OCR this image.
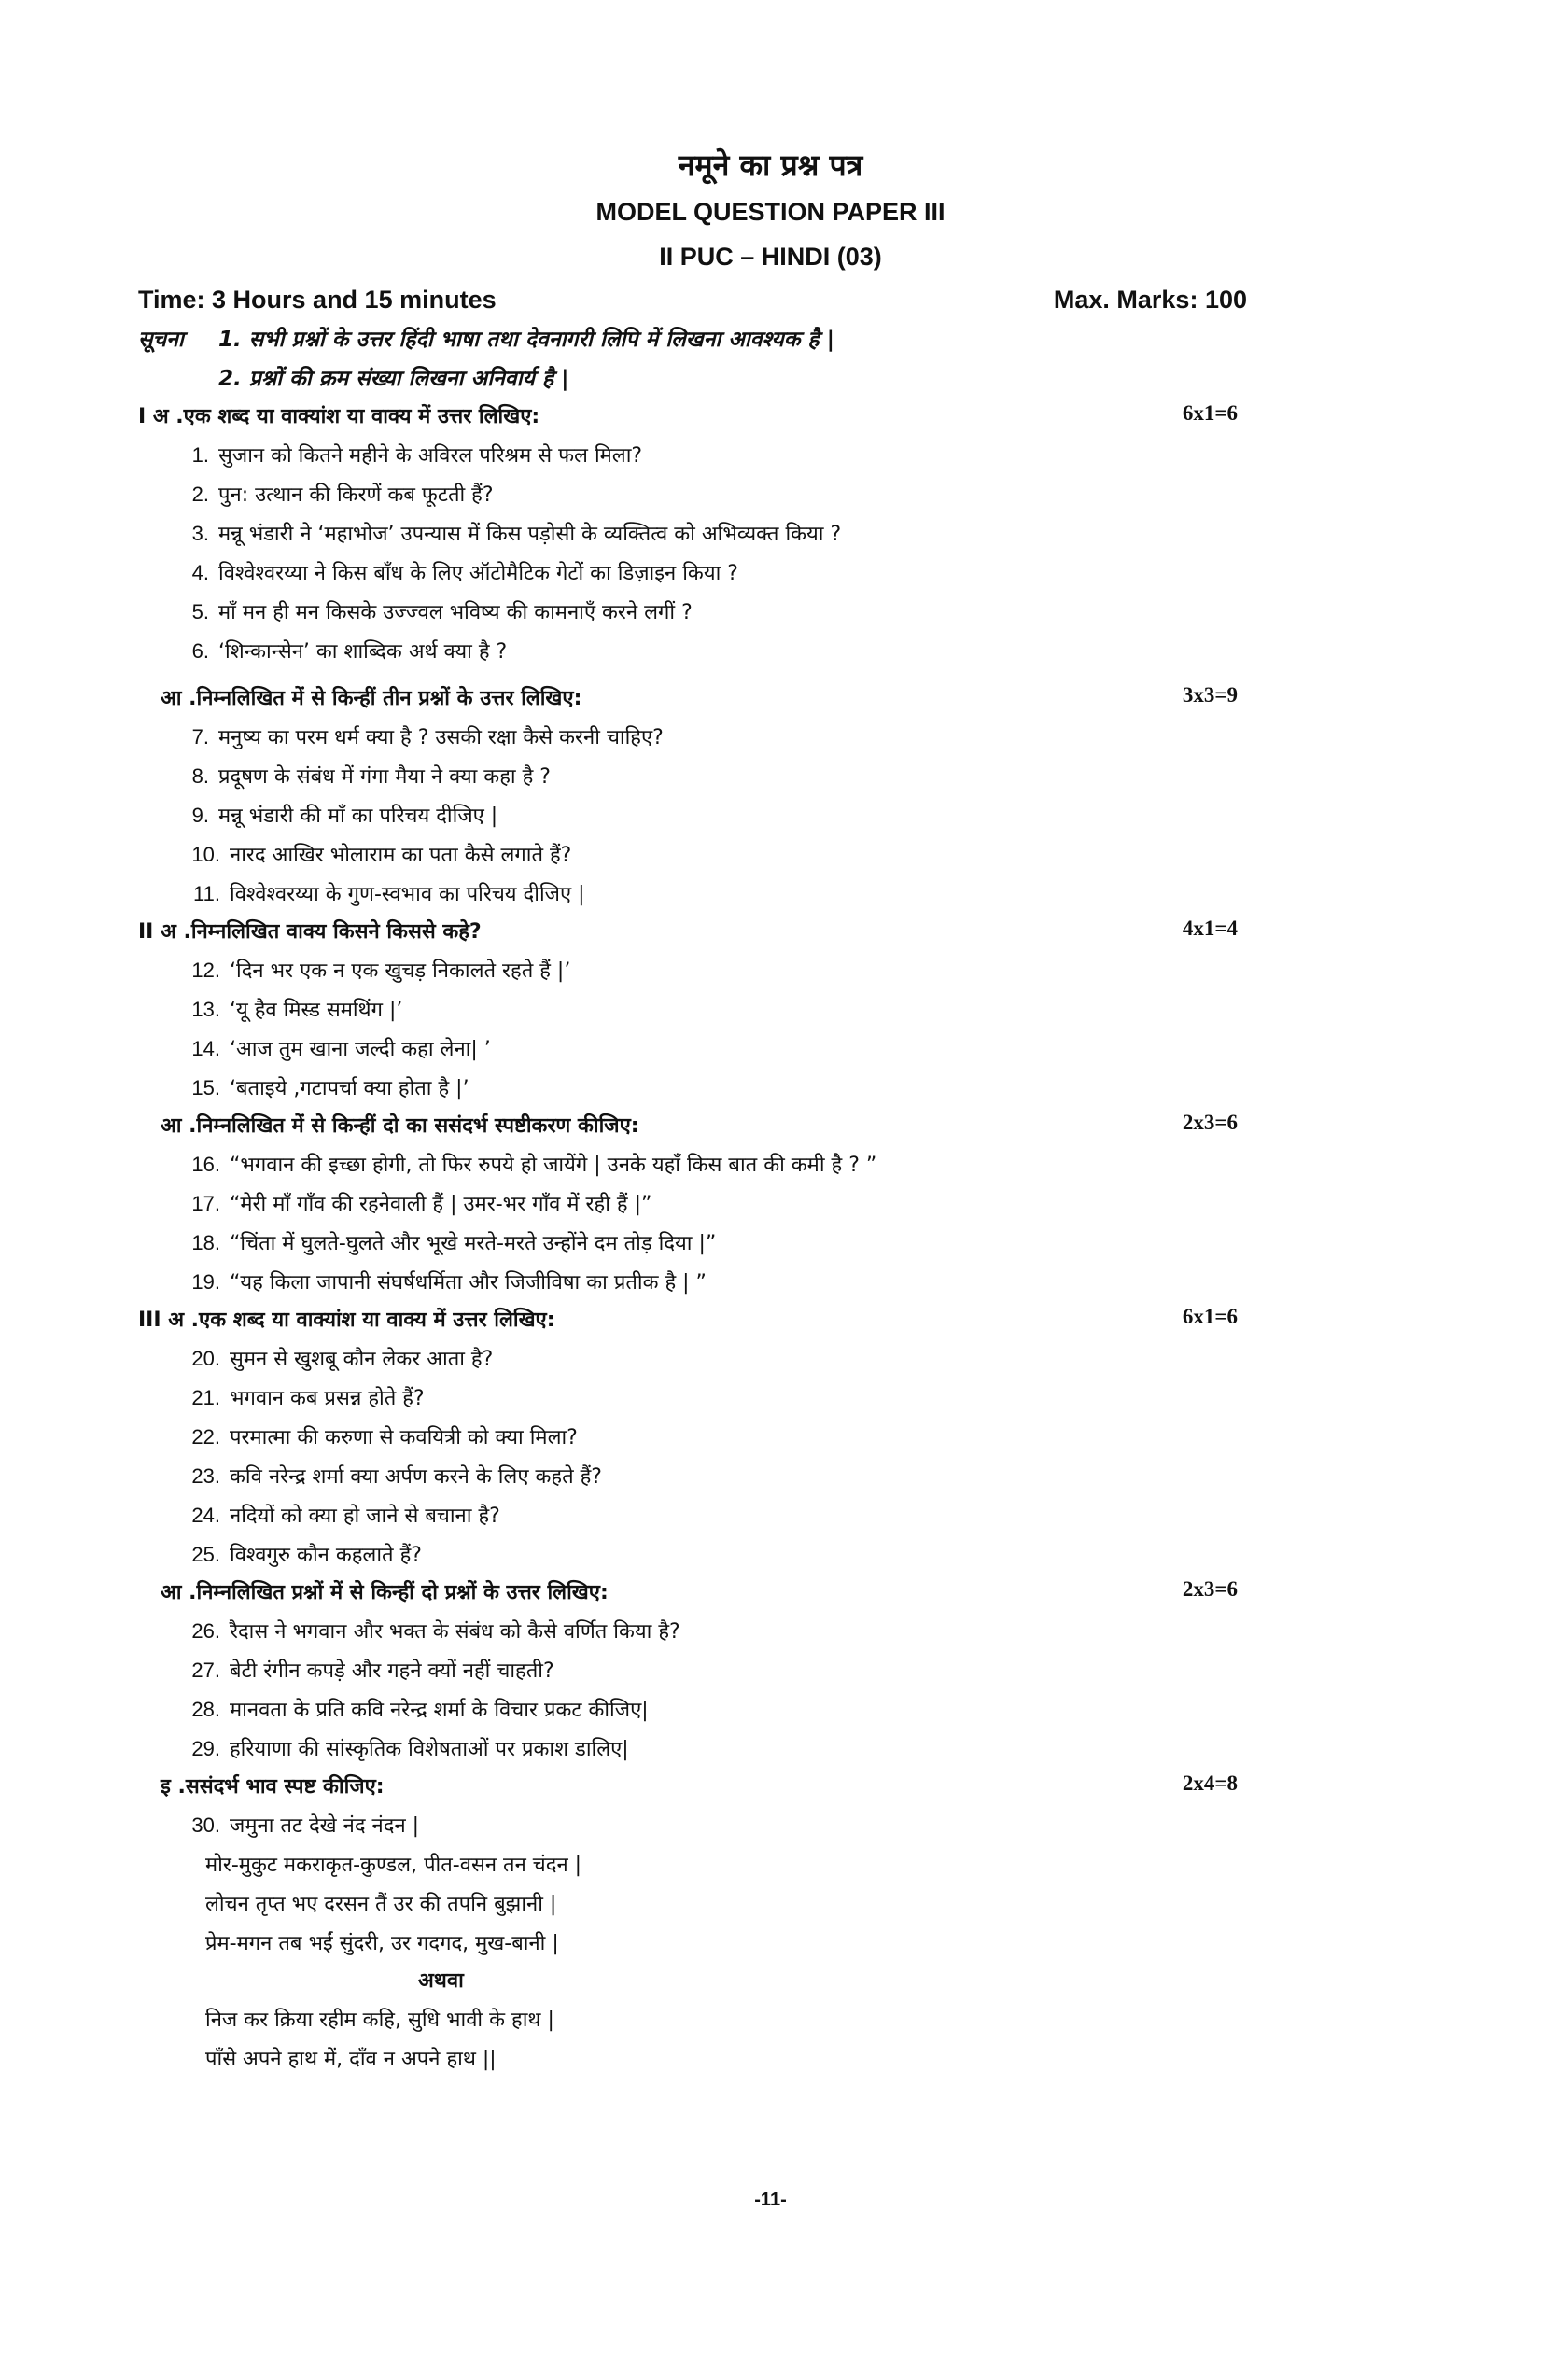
नमूने का प्रश्न पत्र
MODEL QUESTION PAPER III
II PUC – HINDI (03)
Time: 3 Hours and 15 minutes	Max. Marks: 100
सूचना 1. सभी प्रश्नों के उत्तर हिंदी भाषा तथा देवनागरी लिपि में लिखना आवश्यक है |
2. प्रश्नों की क्रम संख्या लिखना अनिवार्य है |
I अ .एक शब्द या वाक्यांश या वाक्य में उत्तर लिखिए:	6x1=6
1. सुजान को कितने महीने के अविरल परिश्रम से फल मिला?
2. पुन: उत्थान की किरणें कब फूटती हैं?
3. मन्नू भंडारी ने ‘महाभोज’ उपन्यास में किस पड़ोसी के व्यक्तित्व को अभिव्यक्त किया ?
4. विश्वेश्वरय्या ने किस बाँध के लिए ऑटोमैटिक गेटों का डिज़ाइन किया ?
5. माँ मन ही मन किसके उज्ज्वल भविष्य की कामनाएँ करने लगीं ?
6. ‘शिन्कान्सेन’ का शाब्दिक अर्थ क्या है ?
आ .निम्नलिखित में से किन्हीं तीन प्रश्नों के उत्तर लिखिए:	3x3=9
7. मनुष्य का परम धर्म क्या है ? उसकी रक्षा कैसे करनी चाहिए?
8. प्रदूषण के संबंध में गंगा मैया ने क्या कहा है ?
9. मन्नू भंडारी की माँ का परिचय दीजिए |
10. नारद आखिर भोलाराम का पता कैसे लगाते हैं?
11. विश्वेश्वरय्या के गुण-स्वभाव का परिचय दीजिए |
II अ .निम्नलिखित वाक्य किसने किससे कहे?	4x1=4
12. ‘दिन भर एक न एक खुचड़ निकालते रहते हैं |’
13. ‘यू हैव मिस्ड समथिंग |’
14. ‘आज तुम खाना जल्दी कहा लेना| ’
15. ‘बताइये ,गटापर्चा क्या होता है |’
आ .निम्नलिखित में से किन्हीं दो का ससंदर्भ स्पष्टीकरण कीजिए:	2x3=6
16. “भगवान की इच्छा होगी, तो फिर रुपये हो जायेंगे | उनके यहाँ किस बात की कमी है ? ”
17. “मेरी माँ गाँव की रहनेवाली हैं | उमर-भर गाँव में रही हैं |”
18. “चिंता में घुलते-घुलते और भूखे मरते-मरते उन्होंने दम तोड़ दिया |”
19. “यह किला जापानी संघर्षधर्मिता और जिजीविषा का प्रतीक है | ”
III अ .एक शब्द या वाक्यांश या वाक्य में उत्तर लिखिए:	6x1=6
20. सुमन से खुशबू कौन लेकर आता है?
21. भगवान कब प्रसन्न होते हैं?
22. परमात्मा की करुणा से कवयित्री को क्या मिला?
23. कवि नरेन्द्र शर्मा क्या अर्पण करने के लिए कहते हैं?
24. नदियों को क्या हो जाने से बचाना है?
25. विश्वगुरु कौन कहलाते हैं?
आ .निम्नलिखित प्रश्नों में से किन्हीं दो प्रश्नों के उत्तर लिखिए:	2x3=6
26. रैदास ने भगवान और भक्त के संबंध को कैसे वर्णित किया है?
27. बेटी रंगीन कपड़े और गहने क्यों नहीं चाहती?
28. मानवता के प्रति कवि नरेन्द्र शर्मा के विचार प्रकट कीजिए|
29. हरियाणा की सांस्कृतिक विशेषताओं पर प्रकाश डालिए|
इ .ससंदर्भ भाव स्पष्ट कीजिए:	2x4=8
30. जमुना तट देखे नंद नंदन |
मोर-मुकुट मकराकृत-कुण्डल, पीत-वसन तन चंदन |
लोचन तृप्त भए दरसन तैं उर की तपनि बुझानी |
प्रेम-मगन तब भईं सुंदरी, उर गदगद, मुख-बानी |
अथवा
निज कर क्रिया रहीम कहि, सुधि भावी के हाथ |
पाँसे अपने हाथ में, दाँव न अपने हाथ ||
-11-
